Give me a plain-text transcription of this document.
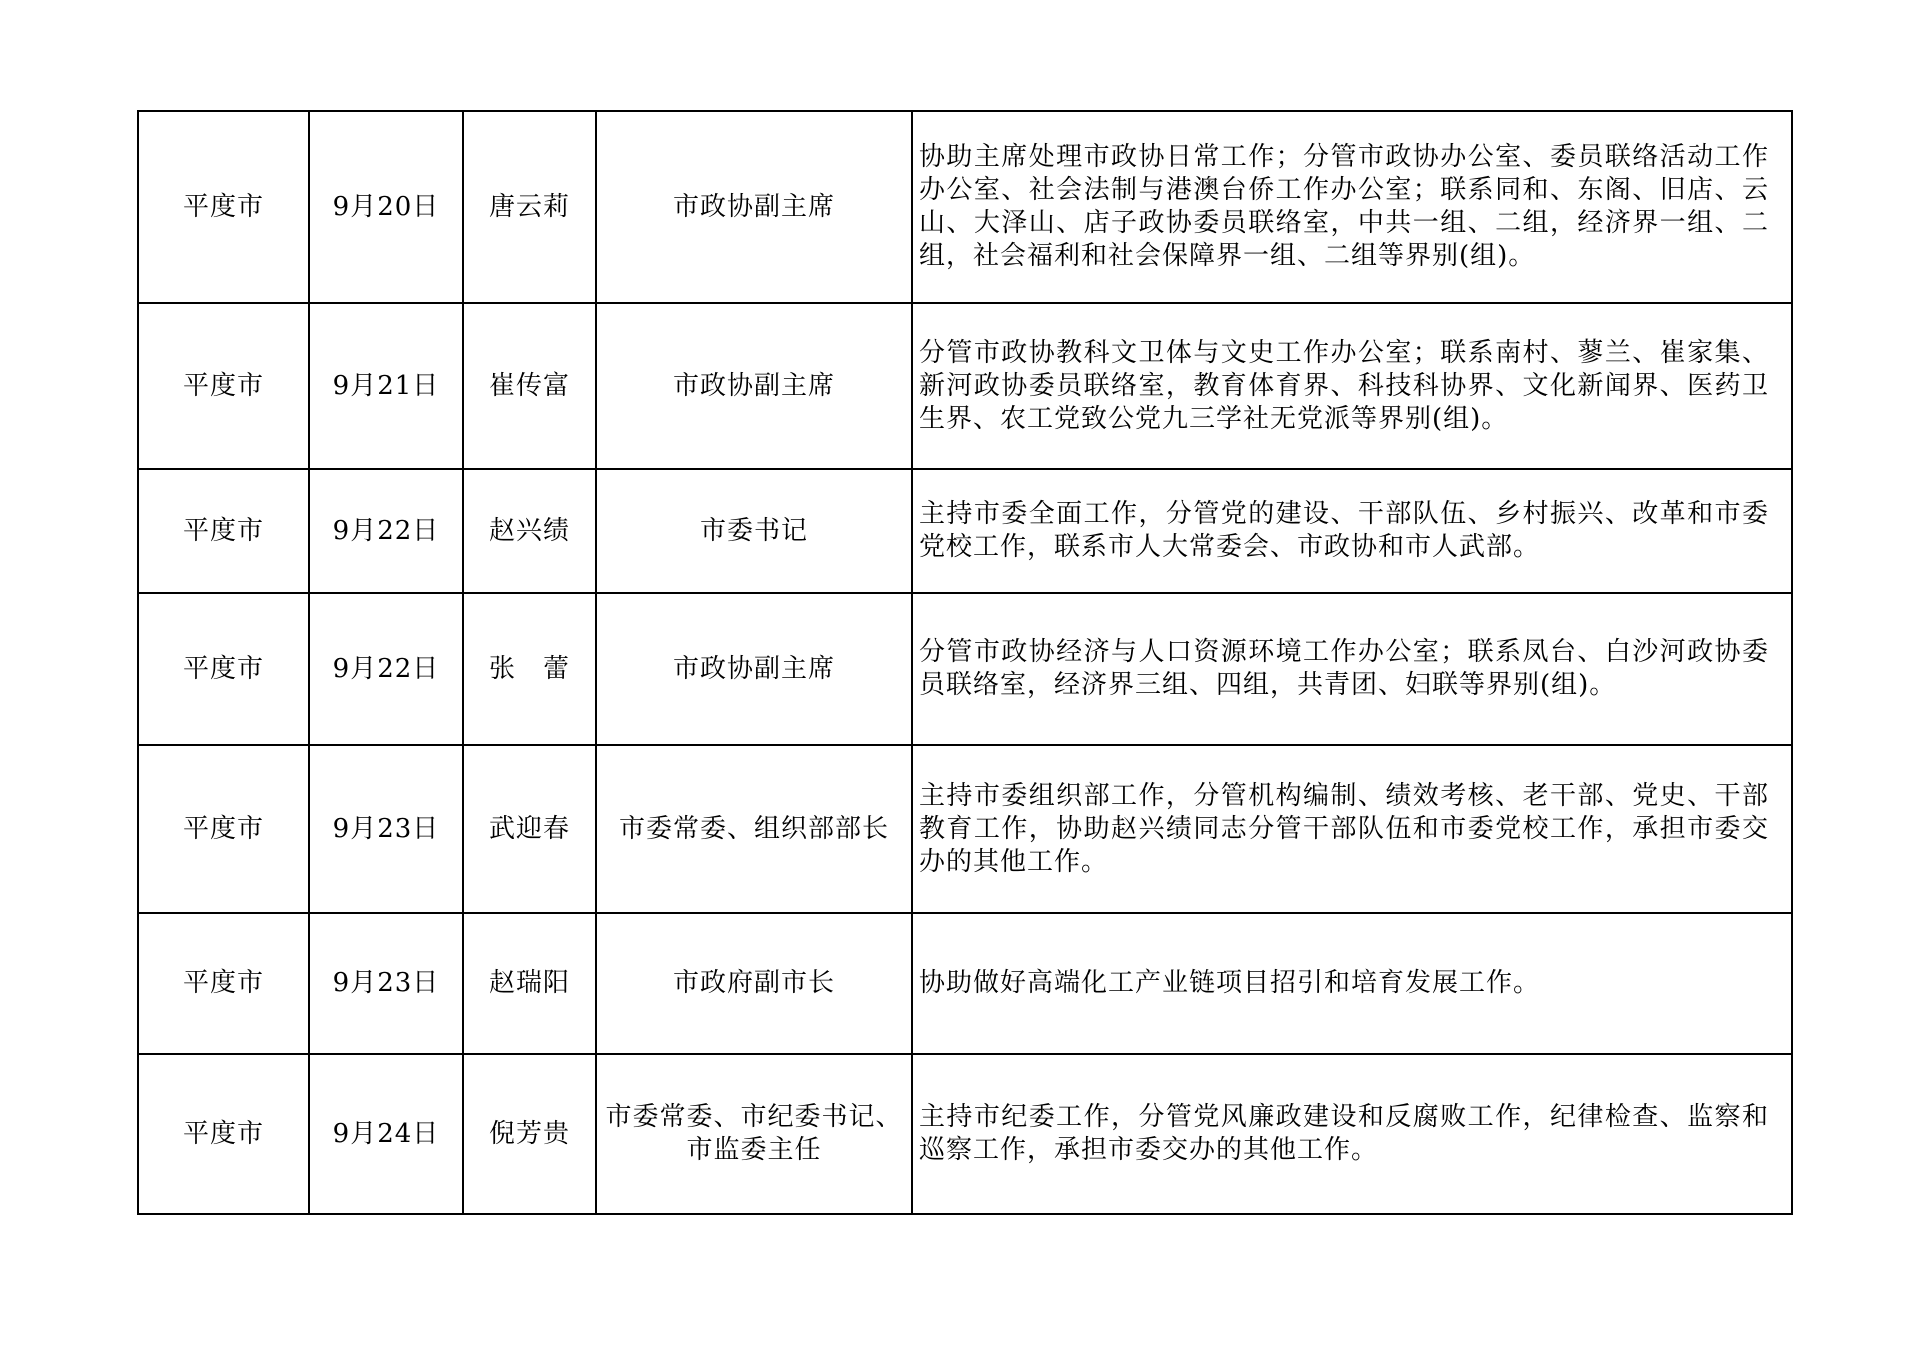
平度市	9月20日	唐云莉	市政协副主席	协助主席处理市政协日常工作；分管市政协办公室、委员联络活动工作办公室、社会法制与港澳台侨工作办公室；联系同和、东阁、旧店、云山、大泽山、店子政协委员联络室，中共一组、二组，经济界一组、二组，社会福利和社会保障界一组、二组等界别(组)。
平度市	9月21日	崔传富	市政协副主席	分管市政协教科文卫体与文史工作办公室；联系南村、蓼兰、崔家集、新河政协委员联络室，教育体育界、科技科协界、文化新闻界、医药卫生界、农工党致公党九三学社无党派等界别(组)。
平度市	9月22日	赵兴绩	市委书记	主持市委全面工作，分管党的建设、干部队伍、乡村振兴、改革和市委党校工作，联系市人大常委会、市政协和市人武部。
平度市	9月22日	张　蕾	市政协副主席	分管市政协经济与人口资源环境工作办公室；联系凤台、白沙河政协委员联络室，经济界三组、四组，共青团、妇联等界别(组)。
平度市	9月23日	武迎春	市委常委、组织部部长	主持市委组织部工作，分管机构编制、绩效考核、老干部、党史、干部教育工作，协助赵兴绩同志分管干部队伍和市委党校工作，承担市委交办的其他工作。
平度市	9月23日	赵瑞阳	市政府副市长	协助做好高端化工产业链项目招引和培育发展工作。
平度市	9月24日	倪芳贵	市委常委、市纪委书记、市监委主任	主持市纪委工作，分管党风廉政建设和反腐败工作，纪律检查、监察和巡察工作，承担市委交办的其他工作。
